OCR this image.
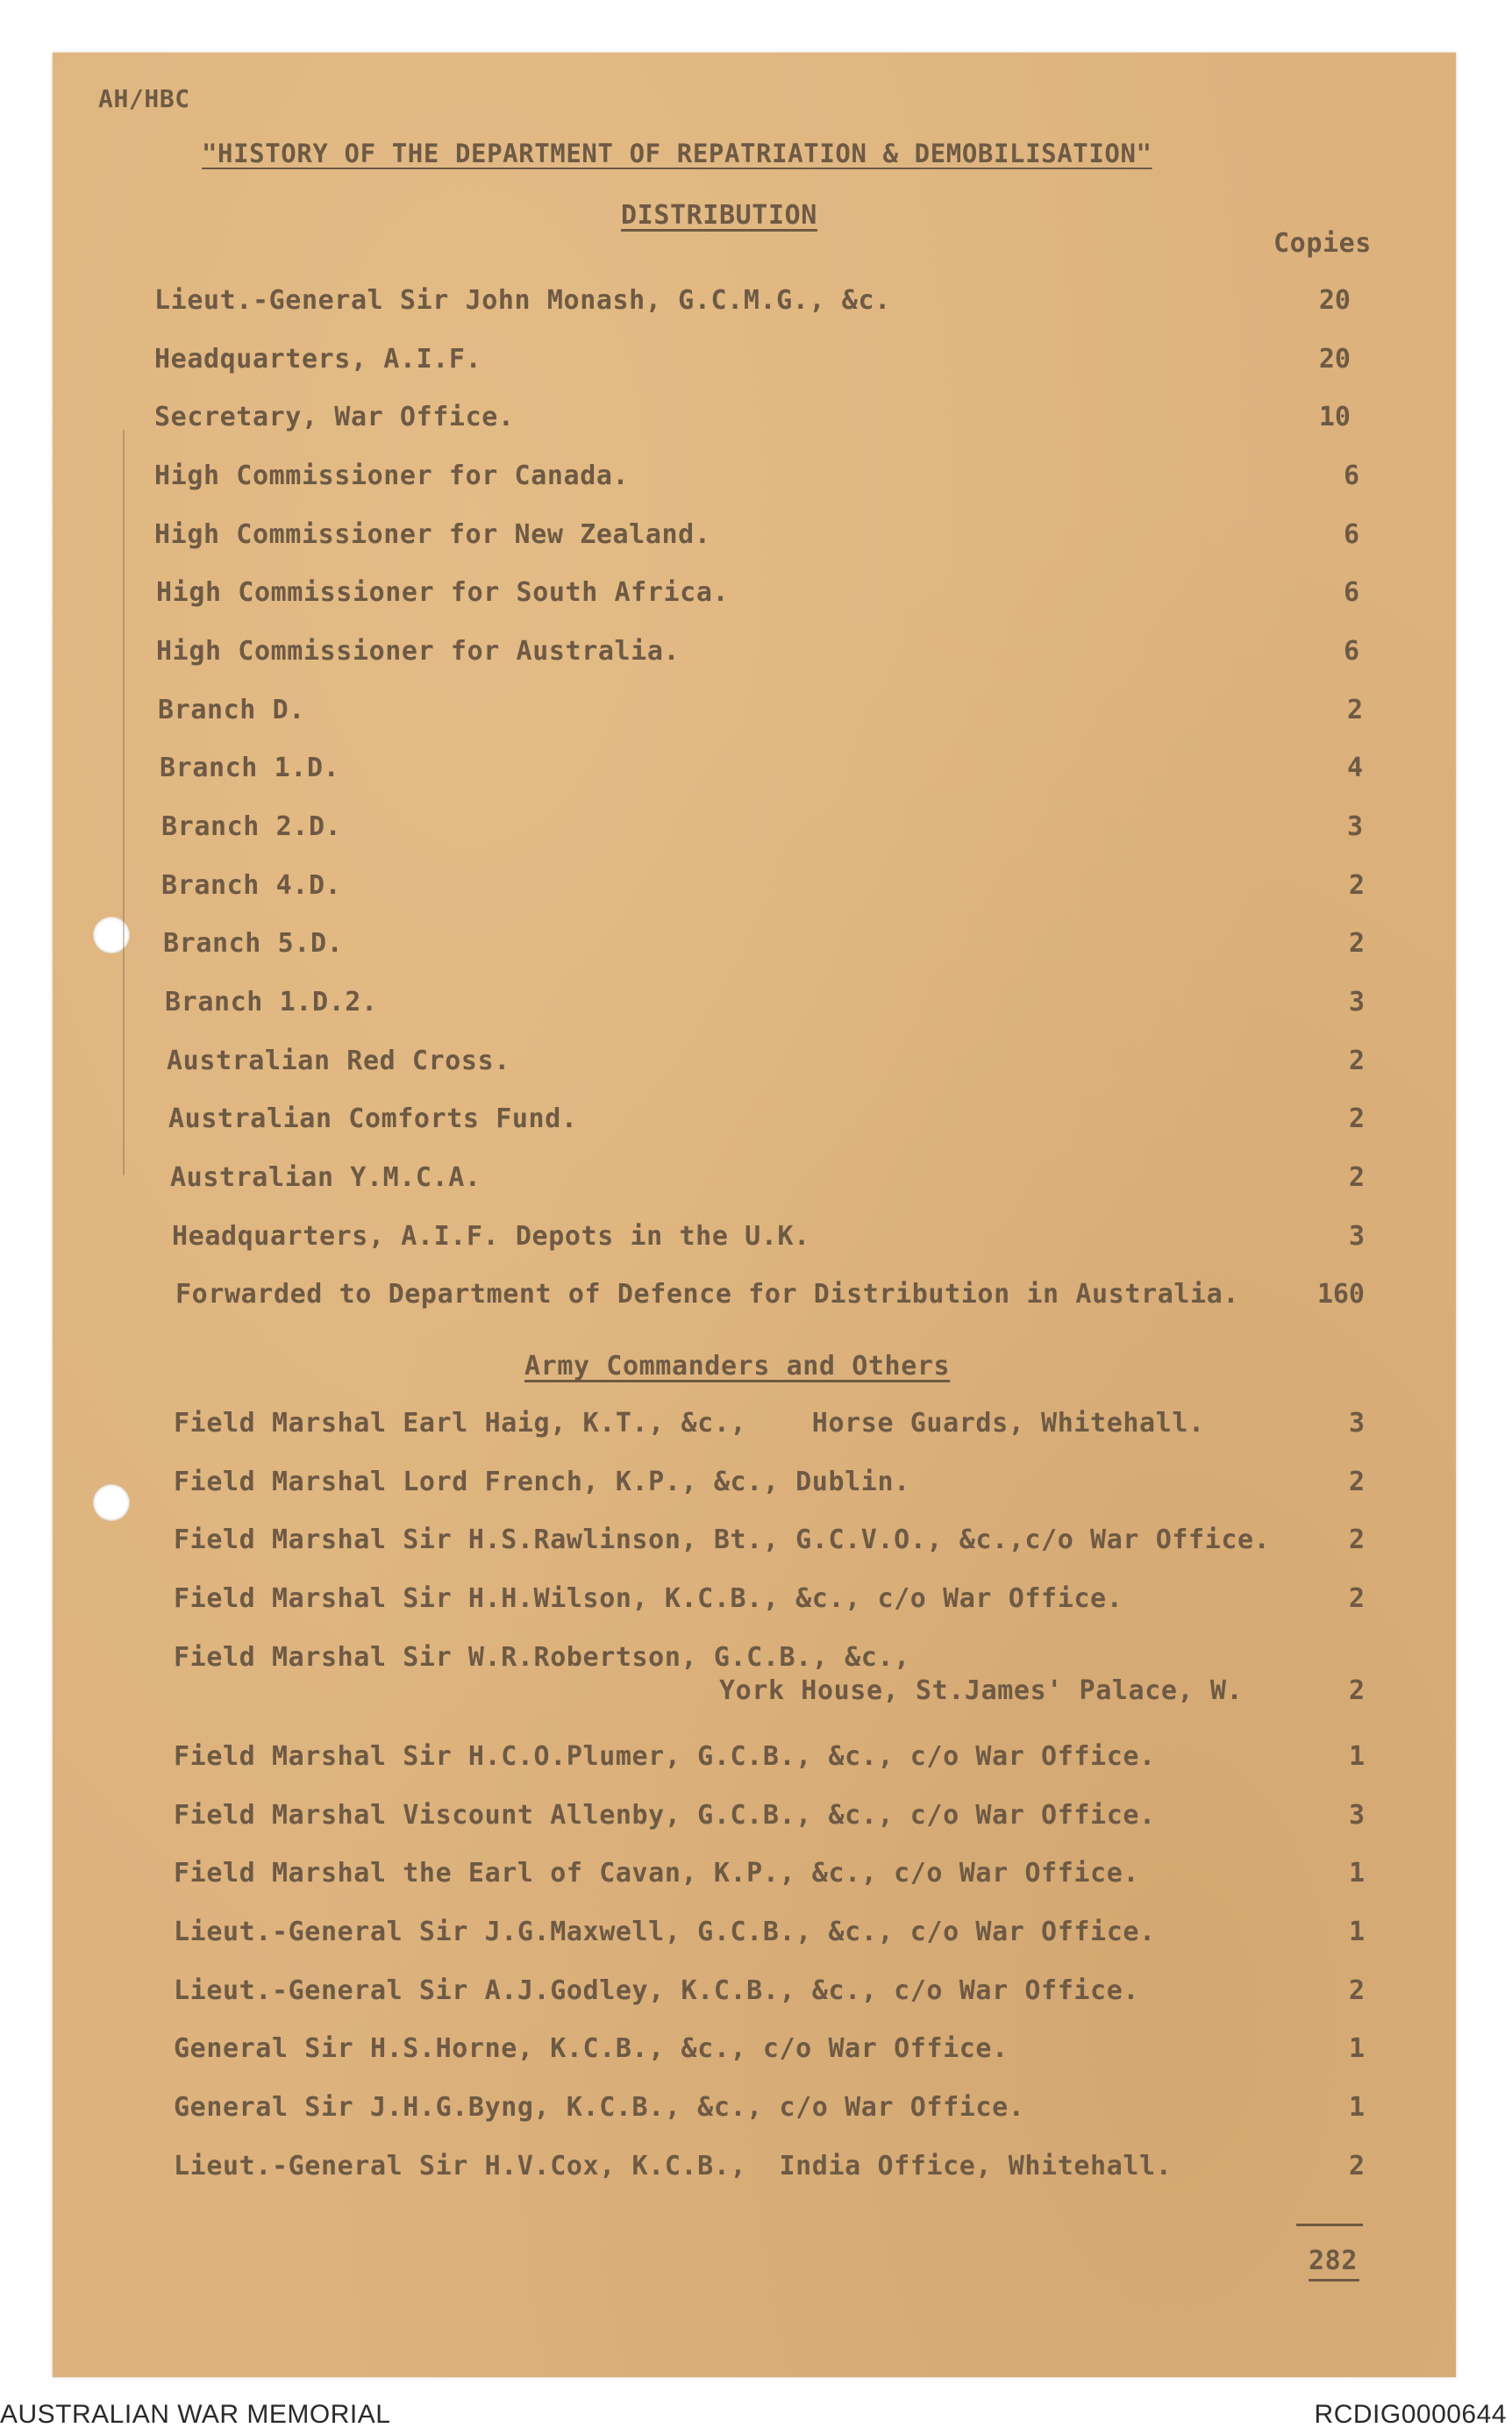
AH/HBC
"HISTORY OF THE DEPARTMENT OF REPATRIATION & DEMOBILISATION"
DISTRIBUTION
Copies
Lieut.-General Sir John Monash, G.C.M.G., &c.	20
Headquarters, A.I.F.	20
Secretary, War Office.	10
High Commissioner for Canada.	6
High Commissioner for New Zealand.	6
High Commissioner for South Africa.	6
High Commissioner for Australia.	6
Branch D.	2
Branch 1.D.	4
Branch 2.D.	3
Branch 4.D.	2
Branch 5.D.	2
Branch 1.D.2.	3
Australian Red Cross.	2
Australian Comforts Fund.	2
Australian Y.M.C.A.	2
Headquarters, A.I.F. Depots in the U.K.	3
Forwarded to Department of Defence for Distribution in Australia.	160
Army Commanders and Others
Field Marshal Earl Haig, K.T., &c.,    Horse Guards, Whitehall.	3
Field Marshal Lord French, K.P., &c., Dublin.	2
Field Marshal Sir H.S.Rawlinson, Bt., G.C.V.O., &c.,c/o War Office.	2
Field Marshal Sir H.H.Wilson, K.C.B., &c., c/o War Office.	2
Field Marshal Sir W.R.Robertson, G.C.B., &c.,
York House, St.James' Palace, W.	2
Field Marshal Sir H.C.O.Plumer, G.C.B., &c., c/o War Office.	1
Field Marshal Viscount Allenby, G.C.B., &c., c/o War Office.	3
Field Marshal the Earl of Cavan, K.P., &c., c/o War Office.	1
Lieut.-General Sir J.G.Maxwell, G.C.B., &c., c/o War Office.	1
Lieut.-General Sir A.J.Godley, K.C.B., &c., c/o War Office.	2
General Sir H.S.Horne, K.C.B., &c., c/o War Office.	1
General Sir J.H.G.Byng, K.C.B., &c., c/o War Office.	1
Lieut.-General Sir H.V.Cox, K.C.B.,  India Office, Whitehall.	2
282
AUSTRALIAN WAR MEMORIAL	RCDIG0000644
